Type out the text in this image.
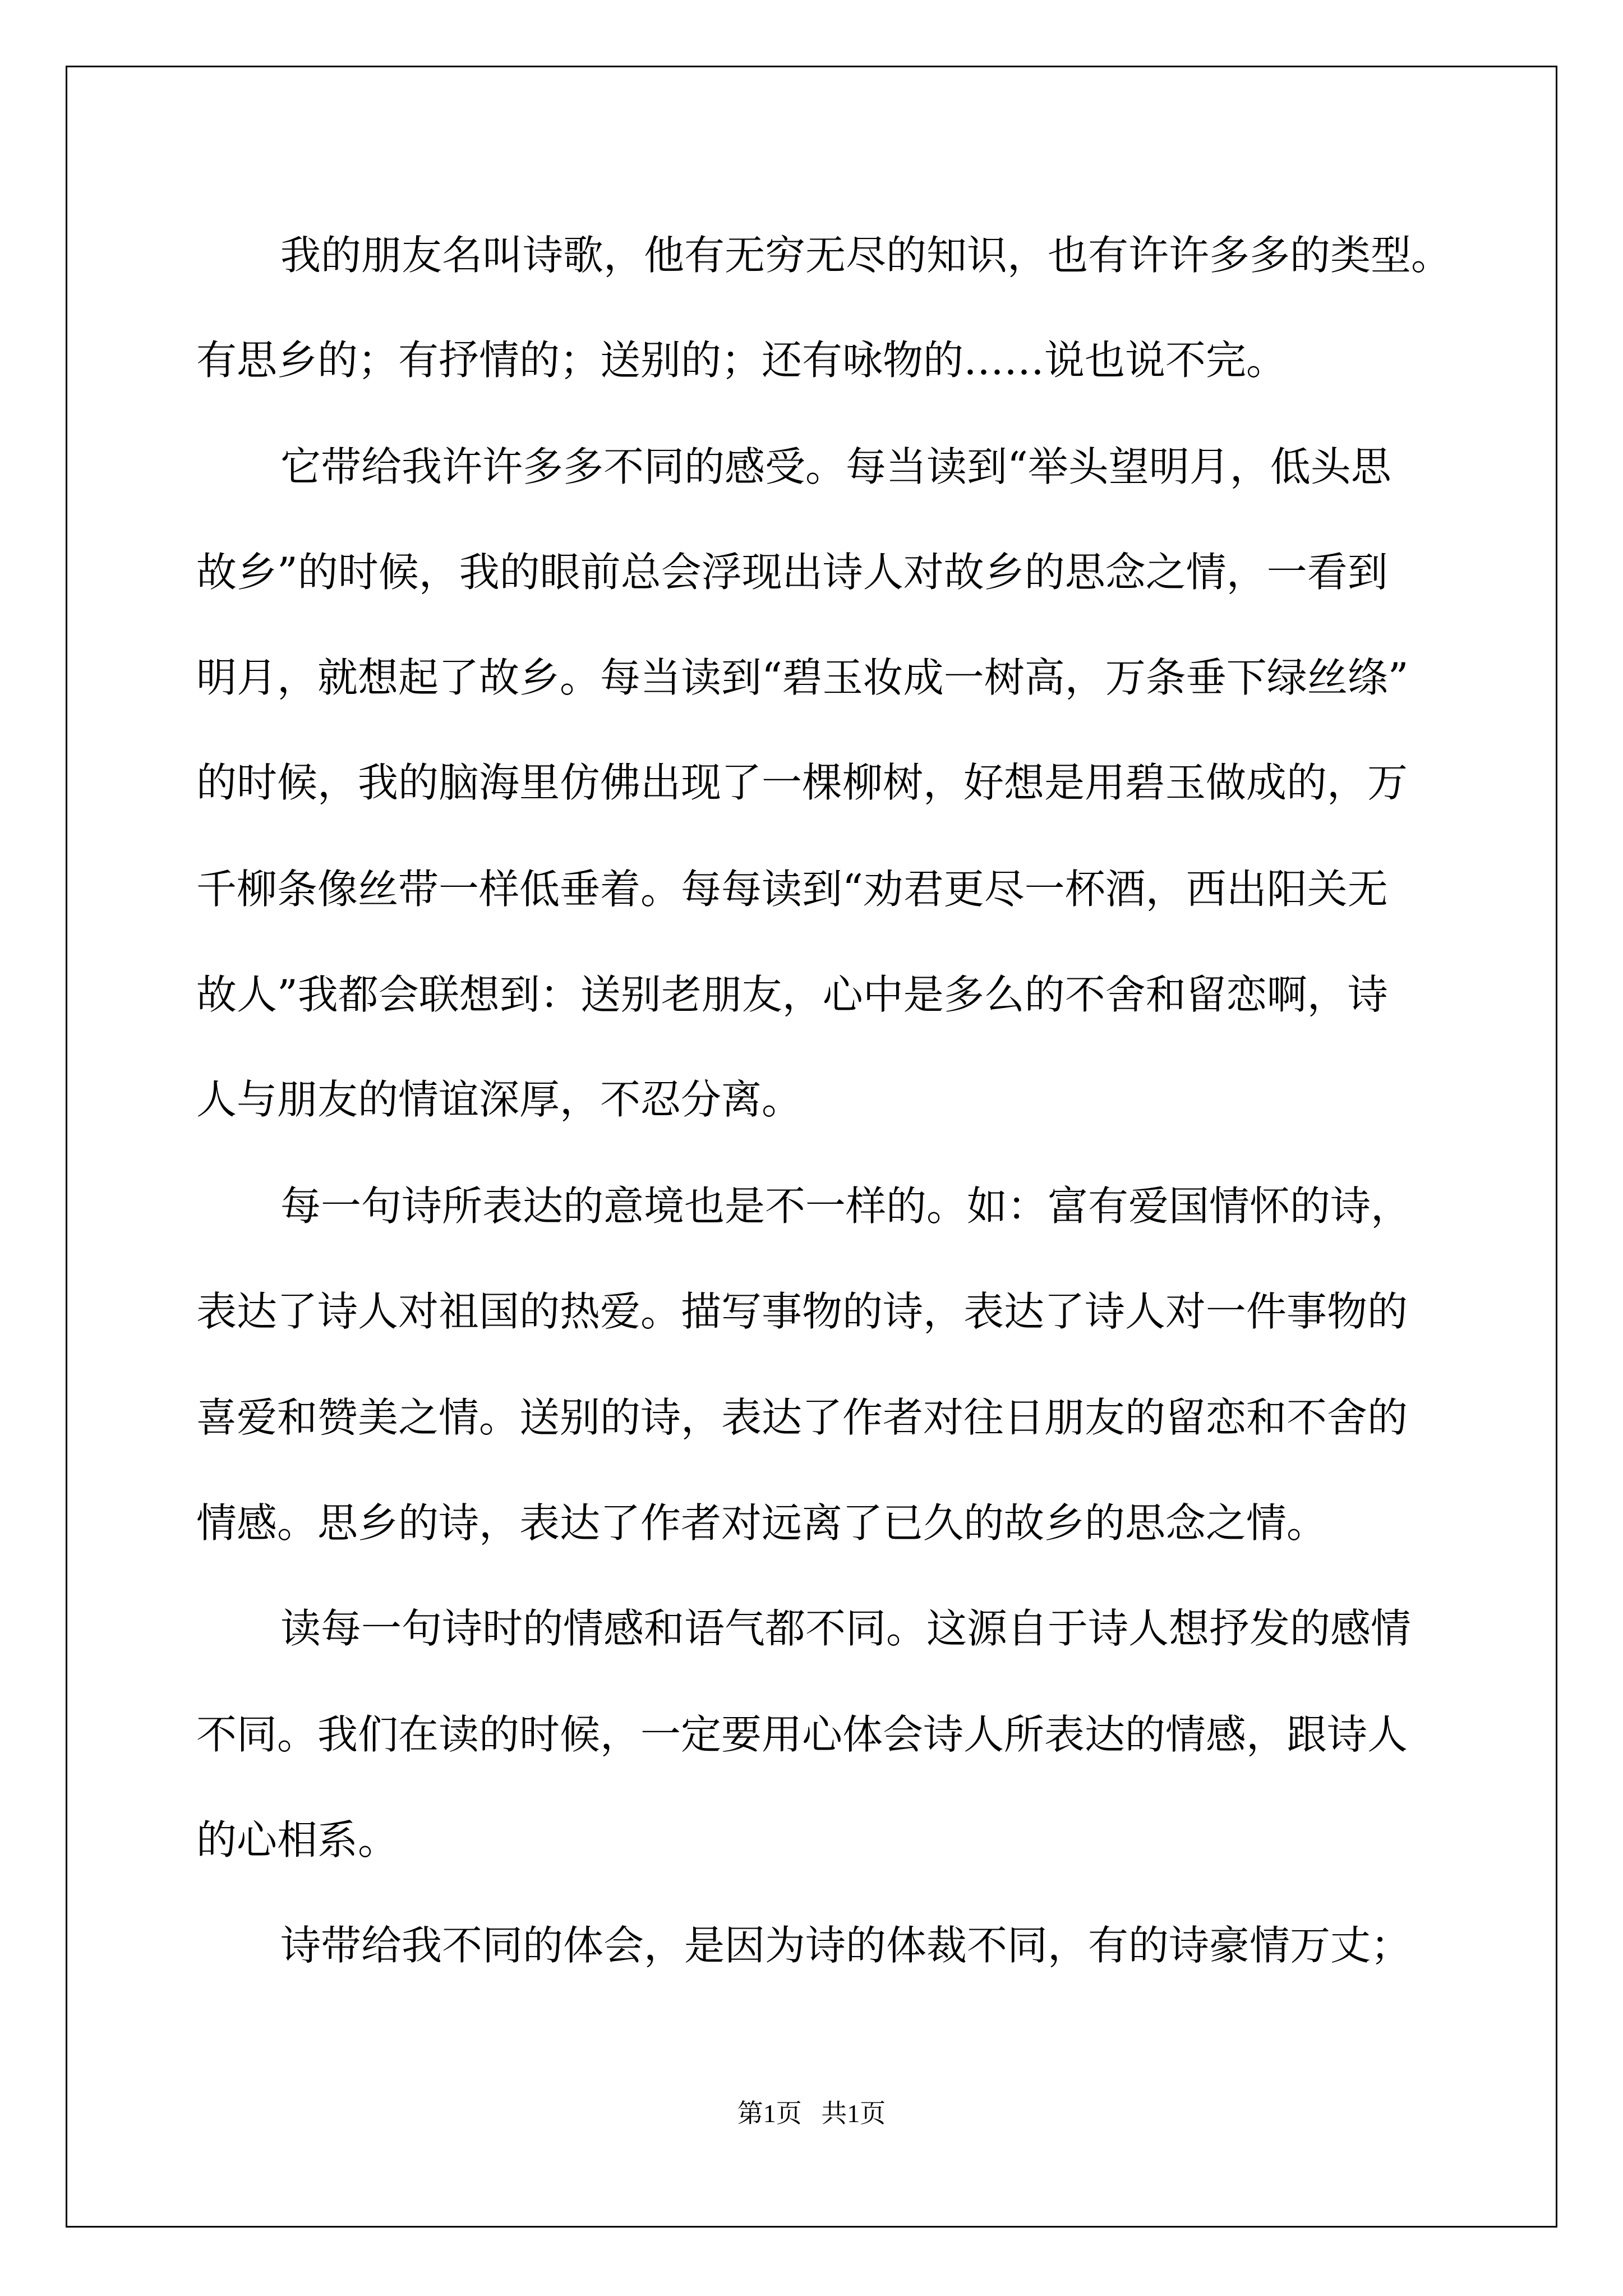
我的朋友名叫诗歌，他有无穷无尽的知识，也有许许多多的类型。

有思乡的；有抒情的；送别的；还有咏物的……说也说不完。

它带给我许许多多不同的感受。每当读到“举头望明月，低头思

故乡”的时候，我的眼前总会浮现出诗人对故乡的思念之情，一看到

明月，就想起了故乡。每当读到“碧玉妆成一树高，万条垂下绿丝绦”

的时候，我的脑海里仿佛出现了一棵柳树，好想是用碧玉做成的，万

千柳条像丝带一样低垂着。每每读到“劝君更尽一杯酒，西出阳关无

故人”我都会联想到：送别老朋友，心中是多么的不舍和留恋啊，诗

人与朋友的情谊深厚，不忍分离。

每一句诗所表达的意境也是不一样的。如：富有爱国情怀的诗，

表达了诗人对祖国的热爱。描写事物的诗，表达了诗人对一件事物的

喜爱和赞美之情。送别的诗，表达了作者对往日朋友的留恋和不舍的

情感。思乡的诗，表达了作者对远离了已久的故乡的思念之情。

读每一句诗时的情感和语气都不同。这源自于诗人想抒发的感情

不同。我们在读的时候，一定要用心体会诗人所表达的情感，跟诗人

的心相系。

诗带给我不同的体会，是因为诗的体裁不同，有的诗豪情万丈；

第1页 共1页
